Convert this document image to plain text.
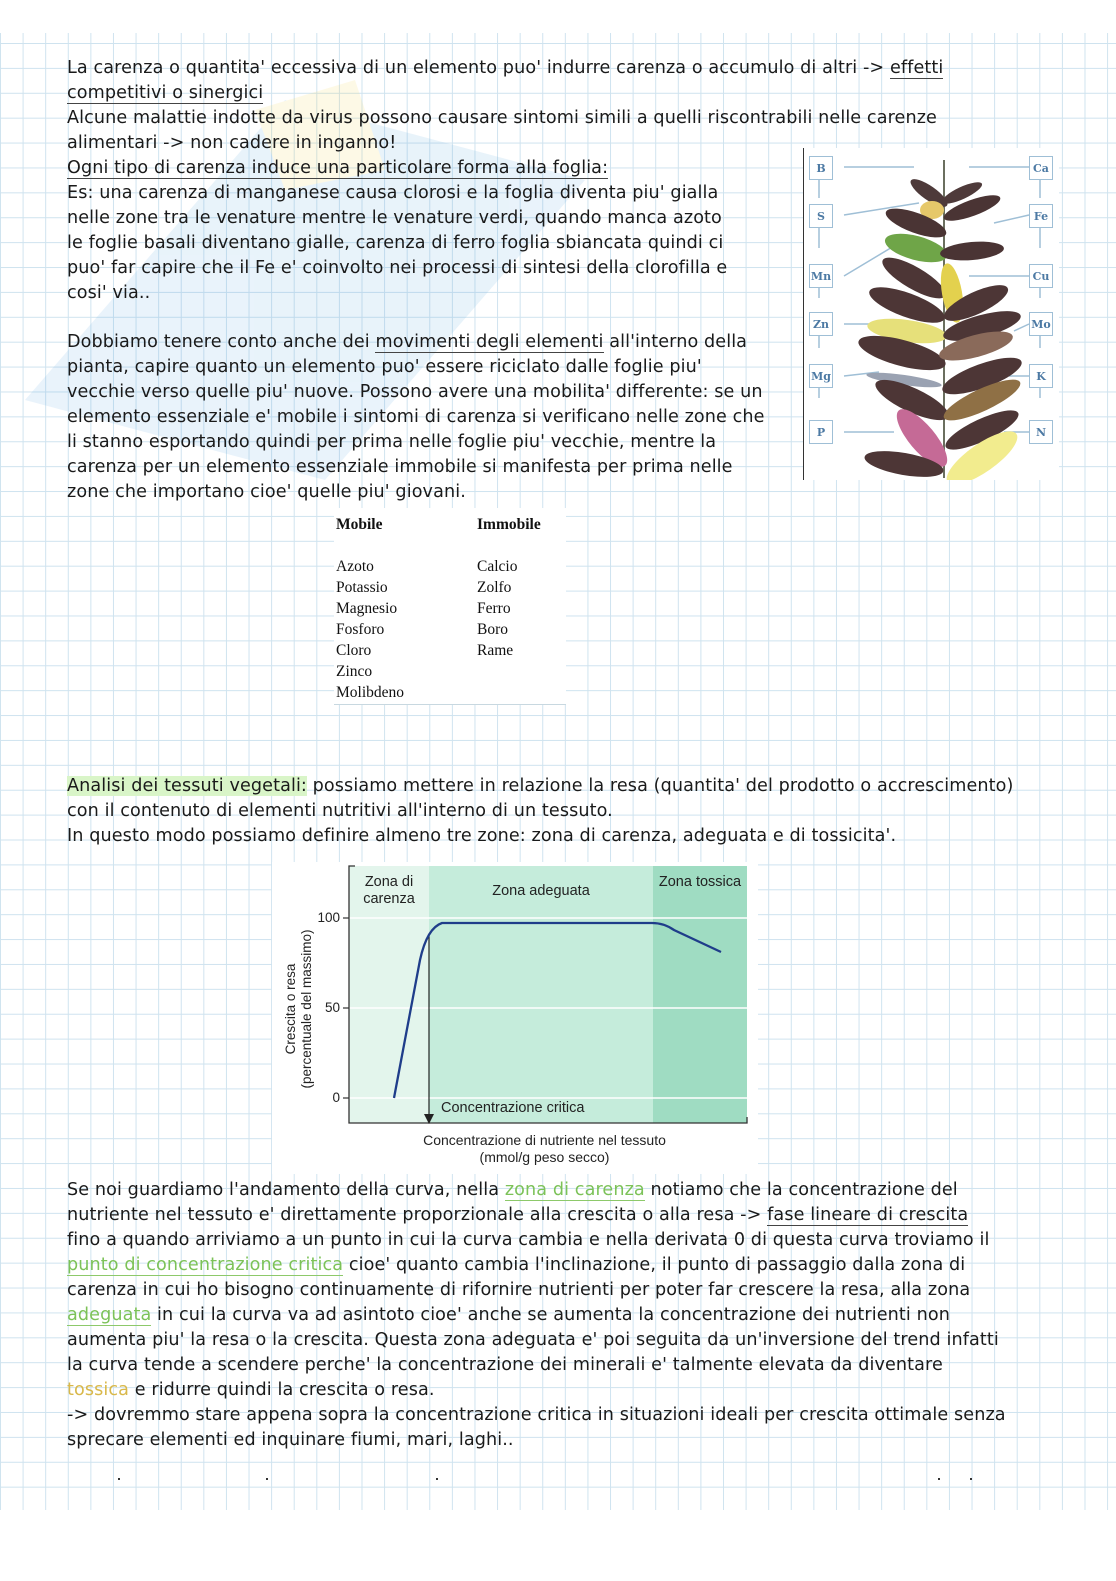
La carenza o quantita' eccessiva di un elemento puo' indurre carenza o accumulo di altri -> effetti
competitivi o sinergici
Alcune malattie indotte da virus possono causare sintomi simili a quelli riscontrabili nelle carenze
alimentari -> non cadere in inganno!
Ogni tipo di carenza induce una particolare forma alla foglia:
Es: una carenza di manganese causa clorosi e la foglia diventa piu' gialla
nelle zone tra le venature mentre le venature verdi, quando manca azoto
le foglie basali diventano gialle, carenza di ferro foglia sbiancata quindi ci
puo' far capire che il Fe e' coinvolto nei processi di sintesi della clorofilla e
cosi' via..
B
S
Mn
Zn
Mg
P
Ca
Fe
Cu
Mo
K
N
Dobbiamo tenere conto anche dei movimenti degli elementi all'interno della
pianta, capire quanto un elemento puo' essere riciclato dalle foglie piu'
vecchie verso quelle piu' nuove. Possono avere una mobilita' differente: se un
elemento essenziale e' mobile i sintomi di carenza si verificano nelle zone che
li stanno esportando quindi per prima nelle foglie piu' vecchie, mentre la
carenza per un elemento essenziale immobile si manifesta per prima nelle
zone che importano cioe' quelle piu' giovani.
Mobile
Azoto
Potassio
Magnesio
Fosforo
Cloro
Zinco
Molibdeno
Immobile
Calcio
Zolfo
Ferro
Boro
Rame
Analisi dei tessuti vegetali: possiamo mettere in relazione la resa (quantita' del prodotto o accrescimento)
con il contenuto di elementi nutritivi all'interno di un tessuto.
In questo modo possiamo definire almeno tre zone: zona di carenza, adeguata e di tossicita'.
Zona di carenza	Zona adeguata
Zona tossica
100
50
0
Concentrazione critica
Concentrazione di nutriente nel tessuto
(mmol/g peso secco)
Crescita o resa
(percentuale del massimo)
Se noi guardiamo l'andamento della curva, nella zona di carenza notiamo che la concentrazione del
nutriente nel tessuto e' direttamente proporzionale alla crescita o alla resa -> fase lineare di crescita
fino a quando arriviamo a un punto in cui la curva cambia e nella derivata 0 di questa curva troviamo il
punto di concentrazione critica cioe' quanto cambia l'inclinazione, il punto di passaggio dalla zona di
carenza in cui ho bisogno continuamente di rifornire nutrienti per poter far crescere la resa, alla zona
adeguata in cui la curva va ad asintoto cioe' anche se aumenta la concentrazione dei nutrienti non
aumenta piu' la resa o la crescita. Questa zona adeguata e' poi seguita da un'inversione del trend infatti
la curva tende a scendere perche' la concentrazione dei minerali e' talmente elevata da diventare
tossica e ridurre quindi la crescita o resa.
-> dovremmo stare appena sopra la concentrazione critica in situazioni ideali per crescita ottimale senza
sprecare elementi ed inquinare fiumi, mari, laghi..
